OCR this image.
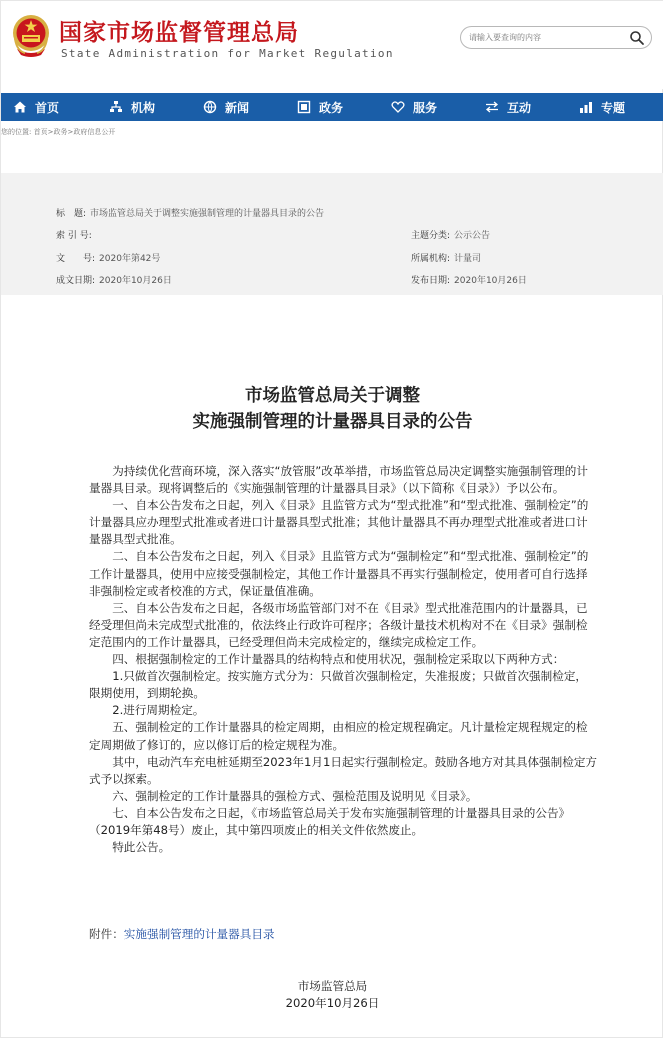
国家市场监督管理总局
State Administration for Market Regulation
请输入要查询的内容
首页	机构	新闻	政务	服务	互动	专题
您的位置: 首页>政务>政府信息公开
标　题: 市场监管总局关于调整实施强制管理的计量器具目录的公告
索 引 号:	主题分类: 公示公告
文　　号: 2020年第42号	所属机构: 计量司
成文日期: 2020年10月26日	发布日期: 2020年10月26日
市场监管总局关于调整
实施强制管理的计量器具目录的公告

为持续优化营商环境，深入落实“放管服”改革举措，市场监管总局决定调整实施强制管理的计量器具目录。现将调整后的《实施强制管理的计量器具目录》（以下简称《目录》）予以公布。

一、自本公告发布之日起，列入《目录》且监管方式为“型式批准”和“型式批准、强制检定”的计量器具应办理型式批准或者进口计量器具型式批准；其他计量器具不再办理型式批准或者进口计量器具型式批准。

二、自本公告发布之日起，列入《目录》且监管方式为“强制检定”和“型式批准、强制检定”的工作计量器具，使用中应接受强制检定，其他工作计量器具不再实行强制检定，使用者可自行选择非强制检定或者校准的方式，保证量值准确。

三、自本公告发布之日起，各级市场监管部门对不在《目录》型式批准范围内的计量器具，已经受理但尚未完成型式批准的，依法终止行政许可程序；各级计量技术机构对不在《目录》强制检定范围内的工作计量器具，已经受理但尚未完成检定的，继续完成检定工作。

四、根据强制检定的工作计量器具的结构特点和使用状况，强制检定采取以下两种方式：

1.只做首次强制检定。按实施方式分为：只做首次强制检定，失准报废；只做首次强制检定，限期使用，到期轮换。

2.进行周期检定。

五、强制检定的工作计量器具的检定周期，由相应的检定规程确定。凡计量检定规程规定的检定周期做了修订的，应以修订后的检定规程为准。

其中，电动汽车充电桩延期至2023年1月1日起实行强制检定。鼓励各地方对其具体强制检定方式予以探索。

六、强制检定的工作计量器具的强检方式、强检范围及说明见《目录》。

七、自本公告发布之日起，《市场监管总局关于发布实施强制管理的计量器具目录的公告》（2019年第48号）废止，其中第四项废止的相关文件依然废止。

特此公告。

附件：实施强制管理的计量器具目录
市场监管总局
2020年10月26日
